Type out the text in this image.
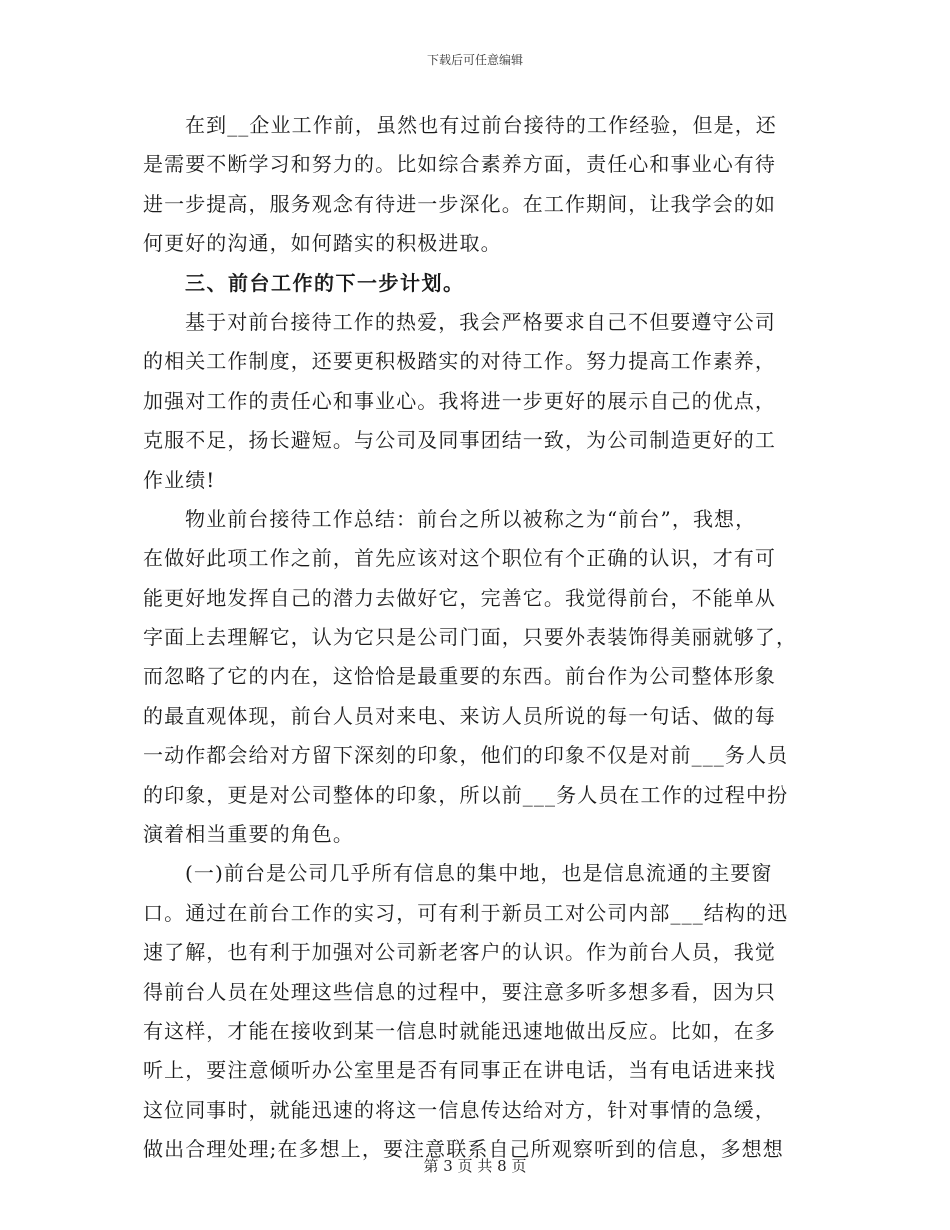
下载后可任意编辑
在到__企业工作前，虽然也有过前台接待的工作经验，但是，还
是需要不断学习和努力的。比如综合素养方面，责任心和事业心有待
进一步提高，服务观念有待进一步深化。在工作期间，让我学会的如
何更好的沟通，如何踏实的积极进取。
三、前台工作的下一步计划。
基于对前台接待工作的热爱，我会严格要求自己不但要遵守公司
的相关工作制度，还要更积极踏实的对待工作。努力提高工作素养，
加强对工作的责任心和事业心。我将进一步更好的展示自己的优点，
克服不足，扬长避短。与公司及同事团结一致，为公司制造更好的工
作业绩!
物业前台接待工作总结：前台之所以被称之为“前台”，我想，
在做好此项工作之前，首先应该对这个职位有个正确的认识，才有可
能更好地发挥自己的潜力去做好它，完善它。我觉得前台，不能单从
字面上去理解它，认为它只是公司门面，只要外表装饰得美丽就够了，
而忽略了它的内在，这恰恰是最重要的东西。前台作为公司整体形象
的最直观体现，前台人员对来电、来访人员所说的每一句话、做的每
一动作都会给对方留下深刻的印象，他们的印象不仅是对前___务人员
的印象，更是对公司整体的印象，所以前___务人员在工作的过程中扮
演着相当重要的角色。
(一)前台是公司几乎所有信息的集中地，也是信息流通的主要窗
口。通过在前台工作的实习，可有利于新员工对公司内部___结构的迅
速了解，也有利于加强对公司新老客户的认识。作为前台人员，我觉
得前台人员在处理这些信息的过程中，要注意多听多想多看，因为只
有这样，才能在接收到某一信息时就能迅速地做出反应。比如，在多
听上，要注意倾听办公室里是否有同事正在讲电话，当有电话进来找
这位同事时，就能迅速的将这一信息传达给对方，针对事情的急缓，
做出合理处理;在多想上，要注意联系自己所观察听到的信息，多想想
第 3 页 共 8 页
